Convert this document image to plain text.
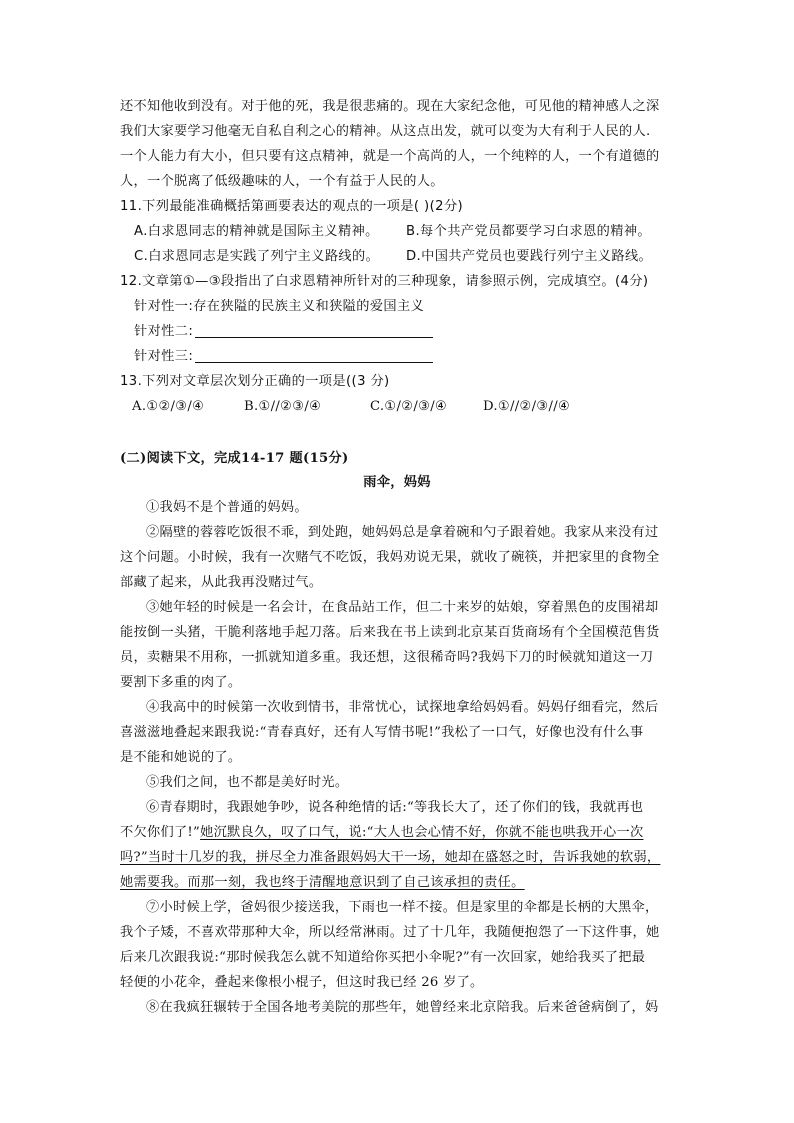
还不知他收到没有。对于他的死，我是很悲痛的。现在大家纪念他，可见他的精神感人之深
我们大家要学习他毫无自私自利之心的精神。从这点出发，就可以变为大有利于人民的人.
一个人能力有大小，但只要有这点精神，就是一个高尚的人，一个纯粹的人，一个有道德的
人，一个脱离了低级趣味的人，一个有益于人民的人。
11.下列最能准确概括第画要表达的观点的一项是( )(2分)
A.白求恩同志的精神就是国际主义精神。	B.每个共产党员都要学习白求恩的精神。
C.白求恩同志是实践了列宁主义路线的。	D.中国共产党员也要践行列宁主义路线。
12.文章第①—③段指出了白求恩精神所针对的三种现象，请参照示例，完成填空。(4分)
针对性一:存在狭隘的民族主义和狭隘的爱国主义
针对性二:
针对性三:
13.下列对文章层次划分正确的一项是((3 分)
A.①②/③/④	B.①//②③/④	C.①/②/③/④	D.①//②/③//④
(二)阅读下文，完成14-17 题(15分)
雨伞，妈妈
①我妈不是个普通的妈妈。
②隔壁的蓉蓉吃饭很不乖，到处跑，她妈妈总是拿着碗和勺子跟着她。我家从来没有过
这个问题。小时候，我有一次赌气不吃饭，我妈劝说无果，就收了碗筷，并把家里的食物全
部藏了起来，从此我再没赌过气。
③她年轻的时候是一名会计，在食品站工作，但二十来岁的姑娘，穿着黑色的皮围裙却
能按倒一头猪，干脆利落地手起刀落。后来我在书上读到北京某百货商场有个全国模范售货
员，卖糖果不用称，一抓就知道多重。我还想，这很稀奇吗?我妈下刀的时候就知道这一刀
要割下多重的肉了。
④我高中的时候第一次收到情书，非常忧心，试探地拿给妈妈看。妈妈仔细看完，然后
喜滋滋地叠起来跟我说:“青春真好，还有人写情书呢!”我松了一口气，好像也没有什么事
是不能和她说的了。
⑤我们之间，也不都是美好时光。
⑥青春期时，我跟她争吵，说各种绝情的话:“等我长大了，还了你们的钱，我就再也
不欠你们了!”她沉默良久，叹了口气，说:“大人也会心情不好，你就不能也哄我开心一次
吗?”当时十几岁的我，拼尽全力准备跟妈妈大干一场，她却在盛怒之时，告诉我她的软弱，
她需要我。而那一刻，我也终于清醒地意识到了自己该承担的责任。
⑦小时候上学，爸妈很少接送我，下雨也一样不接。但是家里的伞都是长柄的大黑伞，
我个子矮，不喜欢带那种大伞，所以经常淋雨。过了十几年，我随便抱怨了一下这件事，她
后来几次跟我说:“那时候我怎么就不知道给你买把小伞呢?”有一次回家，她给我买了把最
轻便的小花伞，叠起来像根小棍子，但这时我已经 26 岁了。
⑧在我疯狂辗转于全国各地考美院的那些年，她曾经来北京陪我。后来爸爸病倒了，妈
